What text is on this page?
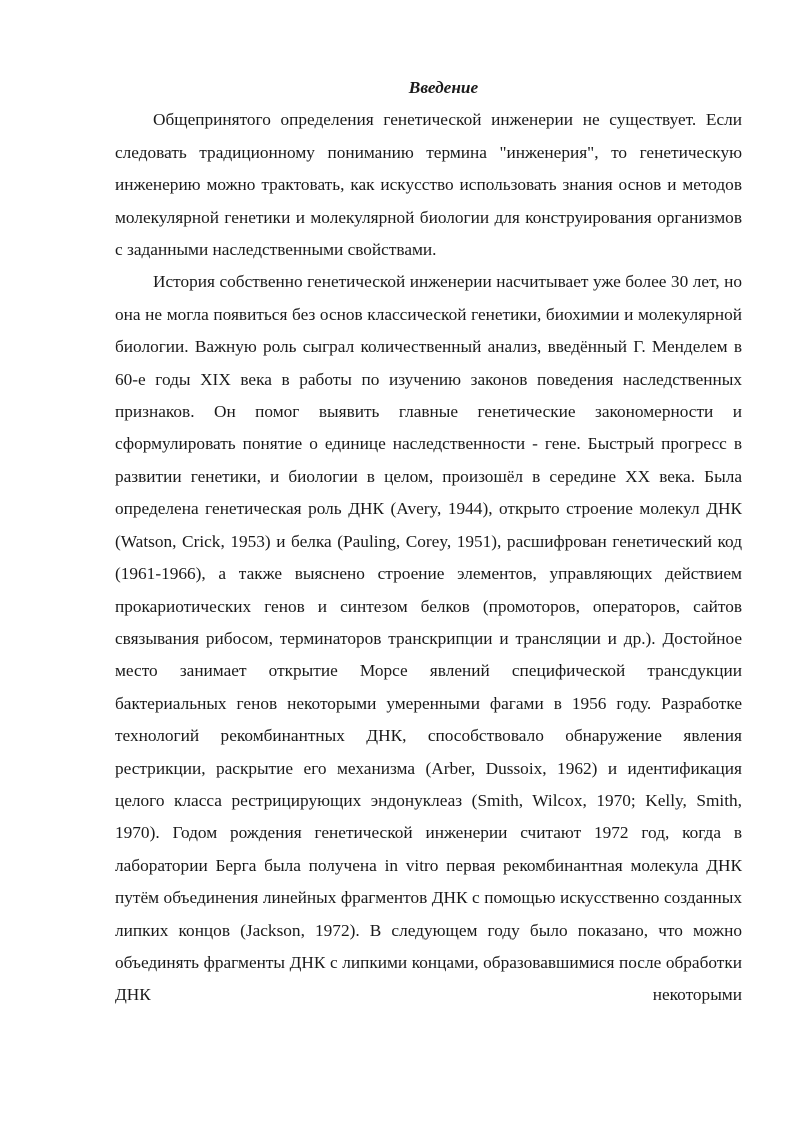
Введение

Общепринятого определения генетической инженерии не существует. Если следовать традиционному пониманию термина "инженерия", то генетическую инженерию можно трактовать, как искусство использовать знания основ и методов молекулярной генетики и молекулярной биологии для конструирования организмов с заданными наследственными свойствами.

История собственно генетической инженерии насчитывает уже более 30 лет, но она не могла появиться без основ классической генетики, биохимии и молекулярной биологии. Важную роль сыграл количественный анализ, введённый Г. Менделем в 60-е годы XIX века в работы по изучению законов поведения наследственных признаков. Он помог выявить главные генетические закономерности и сформулировать понятие о единице наследственности - гене. Быстрый прогресс в развитии генетики, и биологии в целом, произошёл в середине XX века. Была определена генетическая роль ДНК (Avery, 1944), открыто строение молекул ДНК (Watson, Crick, 1953) и белка (Pauling, Corey, 1951), расшифрован генетический код (1961-1966), а также выяснено строение элементов, управляющих действием прокариотических генов и синтезом белков (промоторов, операторов, сайтов связывания рибосом, терминаторов транскрипции и трансляции и др.). Достойное место занимает открытие Морсе явлений специфической трансдукции бактериальных генов некоторыми умеренными фагами в 1956 году. Разработке технологий рекомбинантных ДНК, способствовало обнаружение явления рестрикции, раскрытие его механизма (Arber, Dussoix, 1962) и идентификация целого класса рестрицирующих эндонуклеаз (Smith, Wilcox, 1970; Kelly, Smith, 1970). Годом рождения генетической инженерии считают 1972 год, когда в лаборатории Берга была получена in vitro первая рекомбинантная молекула ДНК путём объединения линейных фрагментов ДНК с помощью искусственно созданных липких концов (Jackson, 1972). В следующем году было показано, что можно объединять фрагменты ДНК с липкими концами, образовавшимися после обработки ДНК некоторыми
